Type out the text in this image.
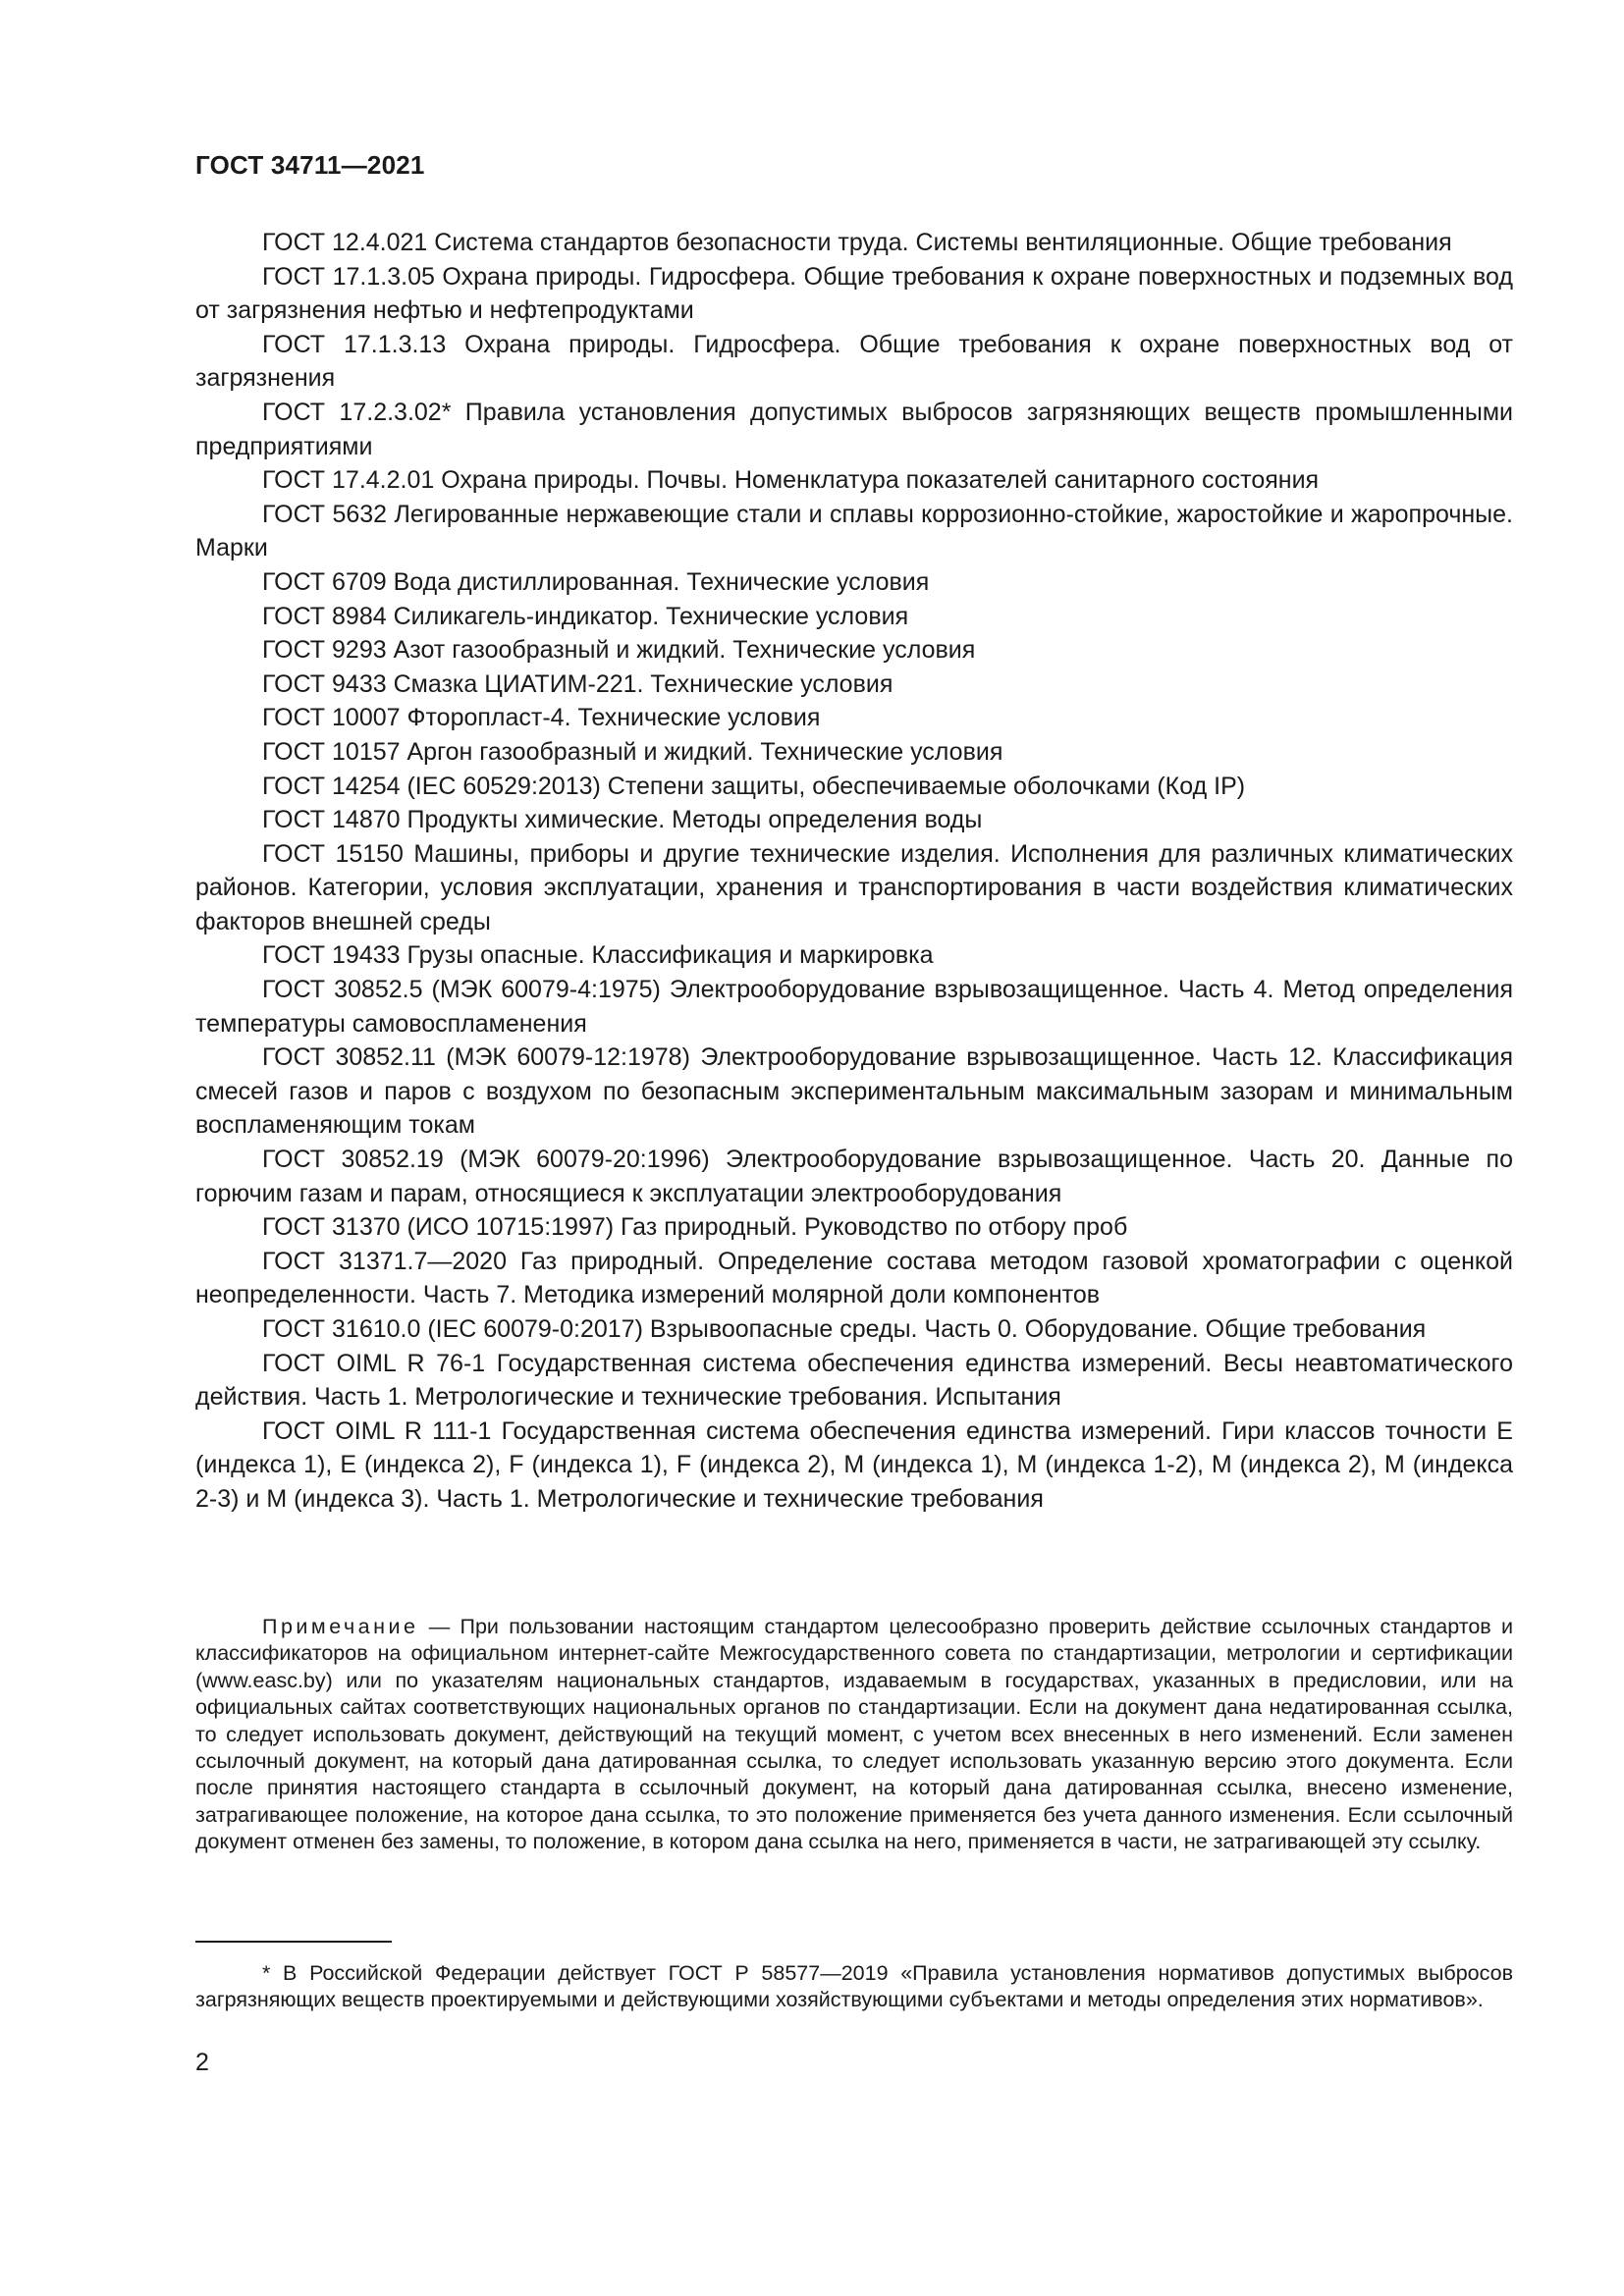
ГОСТ 34711—2021

ГОСТ 12.4.021 Система стандартов безопасности труда. Системы вентиляционные. Общие требования

ГОСТ 17.1.3.05 Охрана природы. Гидросфера. Общие требования к охране поверхностных и подземных вод от загрязнения нефтью и нефтепродуктами

ГОСТ 17.1.3.13 Охрана природы. Гидросфера. Общие требования к охране поверхностных вод от загрязнения

ГОСТ 17.2.3.02* Правила установления допустимых выбросов загрязняющих веществ промышленными предприятиями

ГОСТ 17.4.2.01 Охрана природы. Почвы. Номенклатура показателей санитарного состояния

ГОСТ 5632 Легированные нержавеющие стали и сплавы коррозионно-стойкие, жаростойкие и жаропрочные. Марки

ГОСТ 6709 Вода дистиллированная. Технические условия

ГОСТ 8984 Силикагель-индикатор. Технические условия

ГОСТ 9293 Азот газообразный и жидкий. Технические условия

ГОСТ 9433 Смазка ЦИАТИМ-221. Технические условия

ГОСТ 10007 Фторопласт-4. Технические условия

ГОСТ 10157 Аргон газообразный и жидкий. Технические условия

ГОСТ 14254 (IEC 60529:2013) Степени защиты, обеспечиваемые оболочками (Код IP)

ГОСТ 14870 Продукты химические. Методы определения воды

ГОСТ 15150 Машины, приборы и другие технические изделия. Исполнения для различных климатических районов. Категории, условия эксплуатации, хранения и транспортирования в части воздействия климатических факторов внешней среды

ГОСТ 19433 Грузы опасные. Классификация и маркировка

ГОСТ 30852.5 (МЭК 60079-4:1975) Электрооборудование взрывозащищенное. Часть 4. Метод определения температуры самовоспламенения

ГОСТ 30852.11 (МЭК 60079-12:1978) Электрооборудование взрывозащищенное. Часть 12. Классификация смесей газов и паров с воздухом по безопасным экспериментальным максимальным зазорам и минимальным воспламеняющим токам

ГОСТ 30852.19 (МЭК 60079-20:1996) Электрооборудование взрывозащищенное. Часть 20. Данные по горючим газам и парам, относящиеся к эксплуатации электрооборудования

ГОСТ 31370 (ИСО 10715:1997) Газ природный. Руководство по отбору проб

ГОСТ 31371.7—2020 Газ природный. Определение состава методом газовой хроматографии с оценкой неопределенности. Часть 7. Методика измерений молярной доли компонентов

ГОСТ 31610.0 (IEC 60079-0:2017) Взрывоопасные среды. Часть 0. Оборудование. Общие требования

ГОСТ OIML R 76-1 Государственная система обеспечения единства измерений. Весы неавтоматического действия. Часть 1. Метрологические и технические требования. Испытания

ГОСТ OIML R 111-1 Государственная система обеспечения единства измерений. Гири классов точности E (индекса 1), E (индекса 2), F (индекса 1), F (индекса 2), M (индекса 1), M (индекса 1-2), M (индекса 2), M (индекса 2-3) и M (индекса 3). Часть 1. Метрологические и технические требования

Примечание — При пользовании настоящим стандартом целесообразно проверить действие ссылочных стандартов и классификаторов на официальном интернет-сайте Межгосударственного совета по стандартизации, метрологии и сертификации (www.easc.by) или по указателям национальных стандартов, издаваемым в государствах, указанных в предисловии, или на официальных сайтах соответствующих национальных органов по стандартизации. Если на документ дана недатированная ссылка, то следует использовать документ, действующий на текущий момент, с учетом всех внесенных в него изменений. Если заменен ссылочный документ, на который дана датированная ссылка, то следует использовать указанную версию этого документа. Если после принятия настоящего стандарта в ссылочный документ, на который дана датированная ссылка, внесено изменение, затрагивающее положение, на которое дана ссылка, то это положение применяется без учета данного изменения. Если ссылочный документ отменен без замены, то положение, в котором дана ссылка на него, применяется в части, не затрагивающей эту ссылку.

* В Российской Федерации действует ГОСТ Р 58577—2019 «Правила установления нормативов допустимых выбросов загрязняющих веществ проектируемыми и действующими хозяйствующими субъектами и методы определения этих нормативов».

2
